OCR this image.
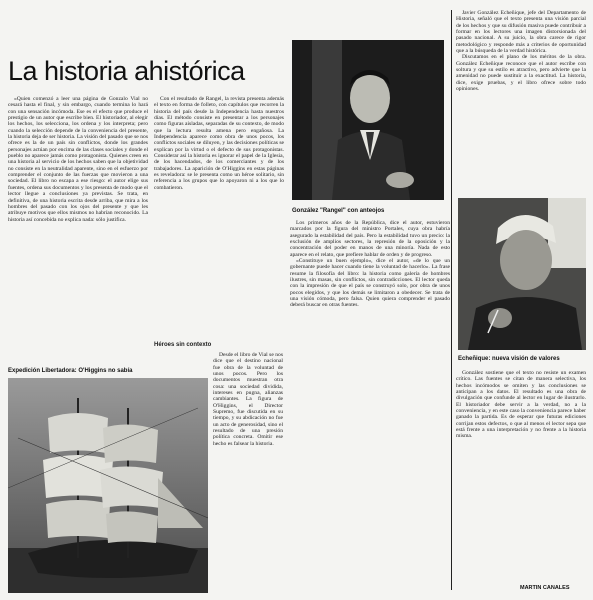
La historia ahistórica

«Quien comenzó a leer una página de Gonzalo Vial no cesará hasta el final, y sin embargo, cuando termina lo hará con una sensación incómoda. Ese es el efecto que produce el prestigio de un autor que escribe bien. El historiador, al elegir los hechos, los selecciona, los ordena y los interpreta; pero cuando la selección depende de la conveniencia del presente, la historia deja de ser historia. La visión del pasado que se nos ofrece es la de un país sin conflictos, donde los grandes personajes actúan por encima de las clases sociales y donde el pueblo no aparece jamás como protagonista. Quienes creen en una historia al servicio de los hechos saben que la objetividad no consiste en la neutralidad aparente, sino en el esfuerzo por comprender el conjunto de las fuerzas que movieron a una sociedad. El libro no escapa a ese riesgo: el autor elige sus fuentes, ordena sus documentos y los presenta de modo que el lector llegue a conclusiones ya previstas. Se trata, en definitiva, de una historia escrita desde arriba, que mira a los hombres del pasado con los ojos del presente y que les atribuye motivos que ellos mismos no habrían reconocido. La historia así concebida no explica nada: sólo justifica.

Con el resultado de Rangel, la revista presenta además el texto en forma de folleto, con capítulos que recorren la historia del país desde la Independencia hasta nuestros días. El método consiste en presentar a los personajes como figuras aisladas, separadas de su contexto, de modo que la lectura resulta amena pero engañosa. La Independencia aparece como obra de unos pocos, los conflictos sociales se diluyen, y las decisiones políticas se explican por la virtud o el defecto de sus protagonistas. Considerar así la historia es ignorar el papel de la Iglesia, de los hacendados, de los comerciantes y de los trabajadores. La aparición de O'Higgins en estas páginas es reveladora: se le presenta como un héroe solitario, sin referencia a los grupos que lo apoyaron ni a los que lo combatieron.

Héroes sin contexto
Expedición Libertadora: O'Higgins no sabía

Desde el libro de Vial se nos dice que el destino nacional fue obra de la voluntad de unos pocos. Pero los documentos muestran otra cosa: una sociedad dividida, intereses en pugna, alianzas cambiantes. La figura de O'Higgins, el Director Supremo, fue discutida en su tiempo, y su abdicación no fue un acto de generosidad, sino el resultado de una presión política concreta. Omitir ese hecho es falsear la historia.

González "Rangel" con anteojos

Los primeros años de la República, dice el autor, estuvieron marcados por la figura del ministro Portales, cuya obra habría asegurado la estabilidad del país. Pero la estabilidad tuvo un precio: la exclusión de amplios sectores, la represión de la oposición y la concentración del poder en manos de una minoría. Nada de esto aparece en el relato, que prefiere hablar de orden y de progreso.

«Constituye un buen ejemplo», dice el autor, «de lo que un gobernante puede hacer cuando tiene la voluntad de hacerlo». La frase resume la filosofía del libro: la historia como galería de hombres ilustres, sin masas, sin conflictos, sin contradicciones. El lector queda con la impresión de que el país se construyó solo, por obra de unos pocos elegidos, y que los demás se limitaron a obedecer. Se trata de una visión cómoda, pero falsa. Quien quiera comprender el pasado deberá buscar en otras fuentes.

Javier González Echeñique, jefe del Departamento de Historia, señaló que el texto presenta una visión parcial de los hechos y que su difusión masiva puede contribuir a formar en los lectores una imagen distorsionada del pasado nacional. A su juicio, la obra carece de rigor metodológico y responde más a criterios de oportunidad que a la búsqueda de la verdad histórica.

Discutamos en el plano de los méritos de la obra. González Echeñique reconoce que el autor escribe con soltura y que su estilo es atractivo, pero advierte que la amenidad no puede sustituir a la exactitud. La historia, dice, exige pruebas, y el libro ofrece sobre todo opiniones.

Echeñique: nueva visión de valores

González sostiene que el texto no resiste un examen crítico. Las fuentes se citan de manera selectiva, los hechos incómodos se omiten y las conclusiones se anticipan a los datos. El resultado es una obra de divulgación que confunde al lector en lugar de ilustrarlo. El historiador debe servir a la verdad, no a la conveniencia, y en este caso la conveniencia parece haber ganado la partida. Es de esperar que futuras ediciones corrijan estos defectos, o que al menos el lector sepa que está frente a una interpretación y no frente a la historia misma.

MARTIN CANALES
